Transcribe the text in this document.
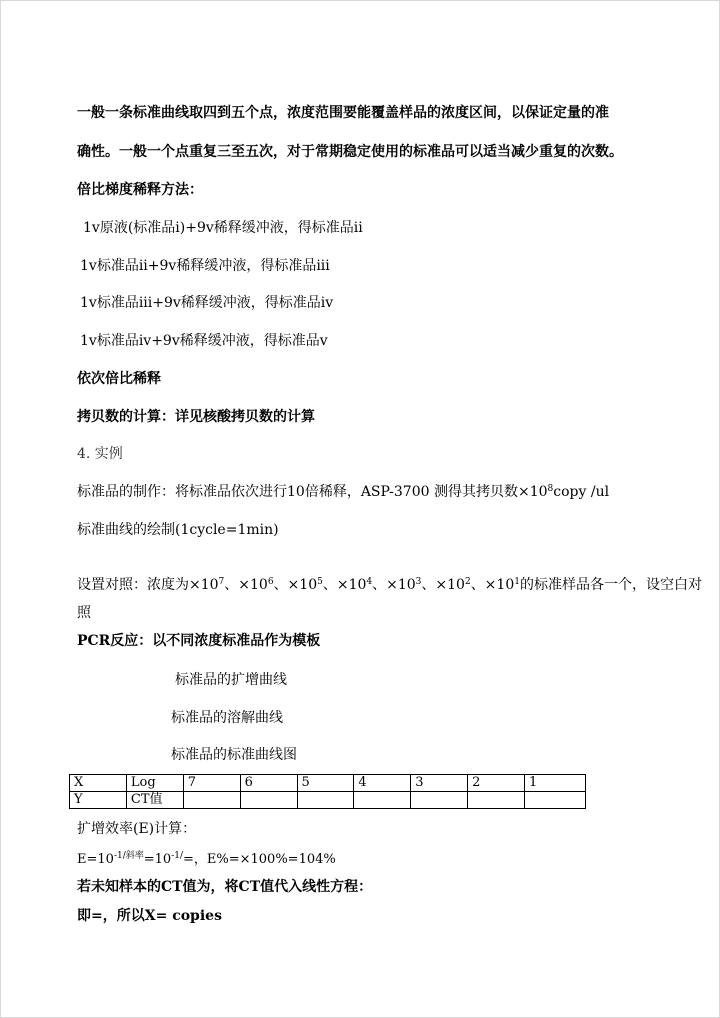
一般一条标准曲线取四到五个点，浓度范围要能覆盖样品的浓度区间，以保证定量的准
确性。一般一个点重复三至五次，对于常期稳定使用的标准品可以适当减少重复的次数。
倍比梯度稀释方法：
1v原液(标准品i)+9v稀释缓冲液，得标准品ii
1v标准品ii+9v稀释缓冲液，得标准品iii
1v标准品iii+9v稀释缓冲液，得标准品iv
1v标准品iv+9v稀释缓冲液，得标准品v
依次倍比稀释
拷贝数的计算：详见核酸拷贝数的计算
4. 实例
标准品的制作：将标准品依次进行10倍稀释，ASP-3700 测得其拷贝数$\times 10^8copy$ /ul
标准曲线的绘制(1cycle=1min)
设置对照：浓度为$\times 10^7$、$\times 10^6$、$\times 10^5$、$\times 10^4$、$\times 10^3$、$\times 10^2$、$\times 10^1$的标准样品各一个，设空白对
照
PCR反应：以不同浓度标准品作为模板
标准品的扩增曲线
标准品的溶解曲线
标准品的标准曲线图
X	Log	7	6	5	4	3	2	1
Y	CT值							
扩增效率(E)计算：
$E=10^{-1/斜率}=10^{-1/}=$，E%=×100%=104%
若未知样本的CT值为，将CT值代入线性方程：
即=，所以X= copies
